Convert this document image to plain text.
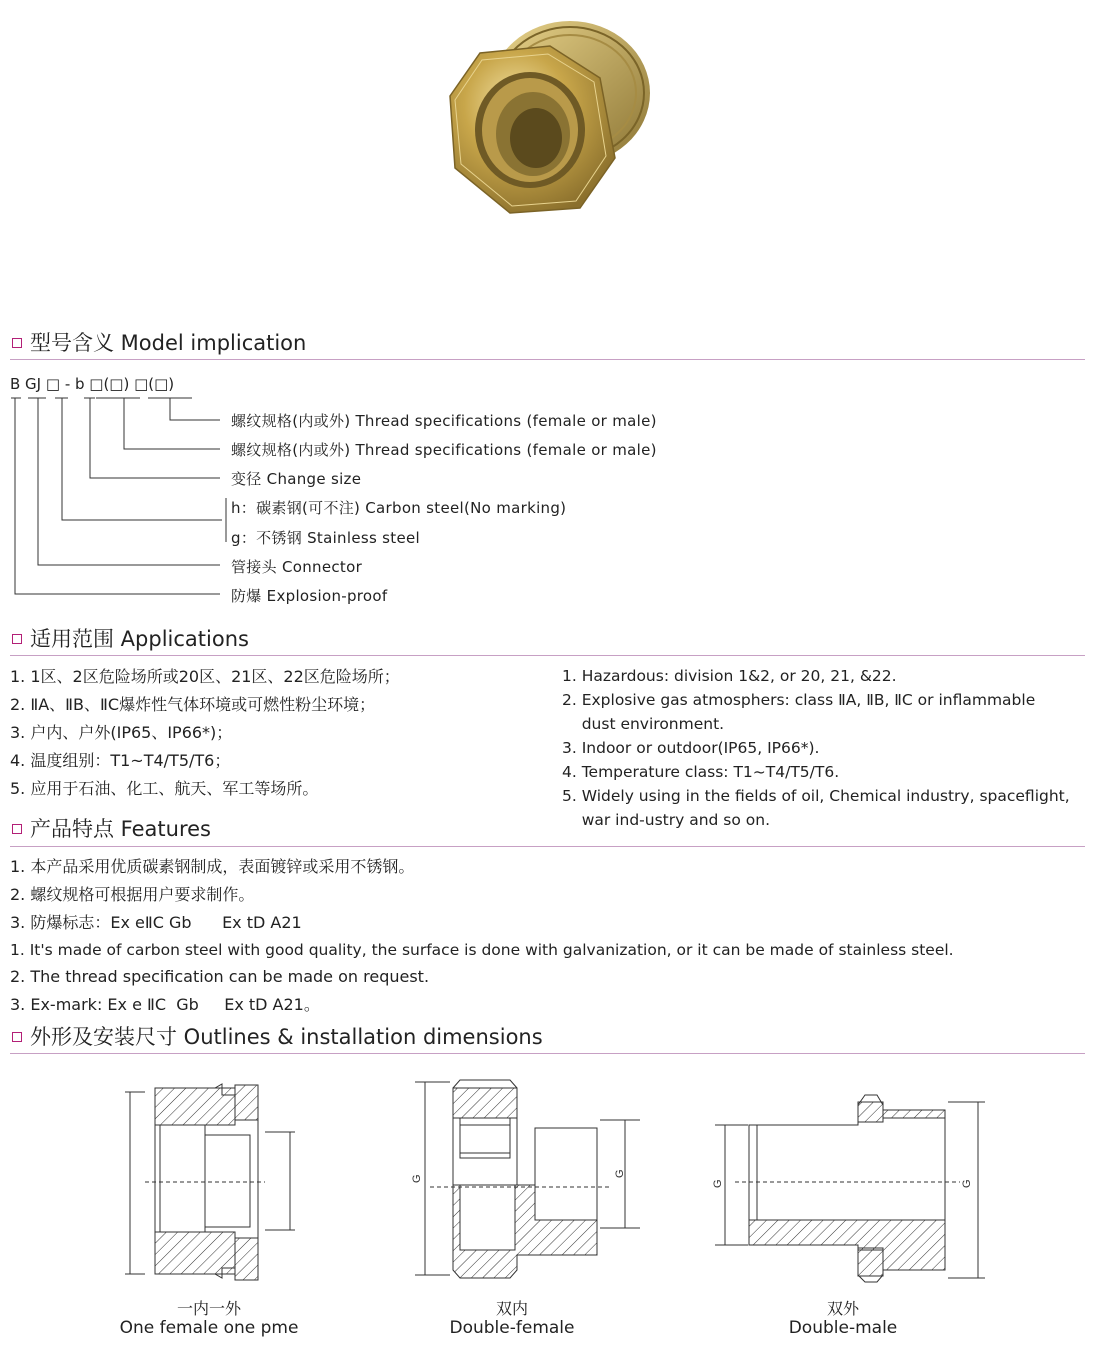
型号含义 Model implication
B GJ □ - b □(□) □(□)
螺纹规格(内或外) Thread specifications (female or male)
螺纹规格(内或外) Thread specifications (female or male)
变径 Change size
h：碳素钢(可不注) Carbon steel(No marking)
g：不锈钢 Stainless steel
管接头 Connector
防爆 Explosion-proof
适用范围 Applications
1. 1区、2区危险场所或20区、21区、22区危险场所；
2. ⅡA、ⅡB、ⅡC爆炸性气体环境或可燃性粉尘环境；
3. 户内、户外(IP65、IP66*)；
4. 温度组别：T1~T4/T5/T6；
5. 应用于石油、化工、航天、军工等场所。
1. Hazardous: division 1&2, or 20, 21, &22.
2. Explosive gas atmosphers: class ⅡA, ⅡB, ⅡC or inflammable
dust environment.
3. Indoor or outdoor(IP65, IP66*).
4. Temperature class: T1~T4/T5/T6.
5. Widely using in the fields of oil, Chemical industry, spaceflight,
war ind-ustry and so on.
产品特点 Features
1. 本产品采用优质碳素钢制成，表面镀锌或采用不锈钢。
2. 螺纹规格可根据用户要求制作。
3. 防爆标志：Ex eⅡC Gb      Ex tD A21
1. It's made of carbon steel with good quality, the surface is done with galvanization, or it can be made of stainless steel.
2. The thread specification can be made on request.
3. Ex-mark: Ex e ⅡC  Gb     Ex tD A21。
外形及安装尺寸 Outlines & installation dimensions
G
G
G	G
一内一外
One female one pme
双内
Double-female
双外
Double-male
